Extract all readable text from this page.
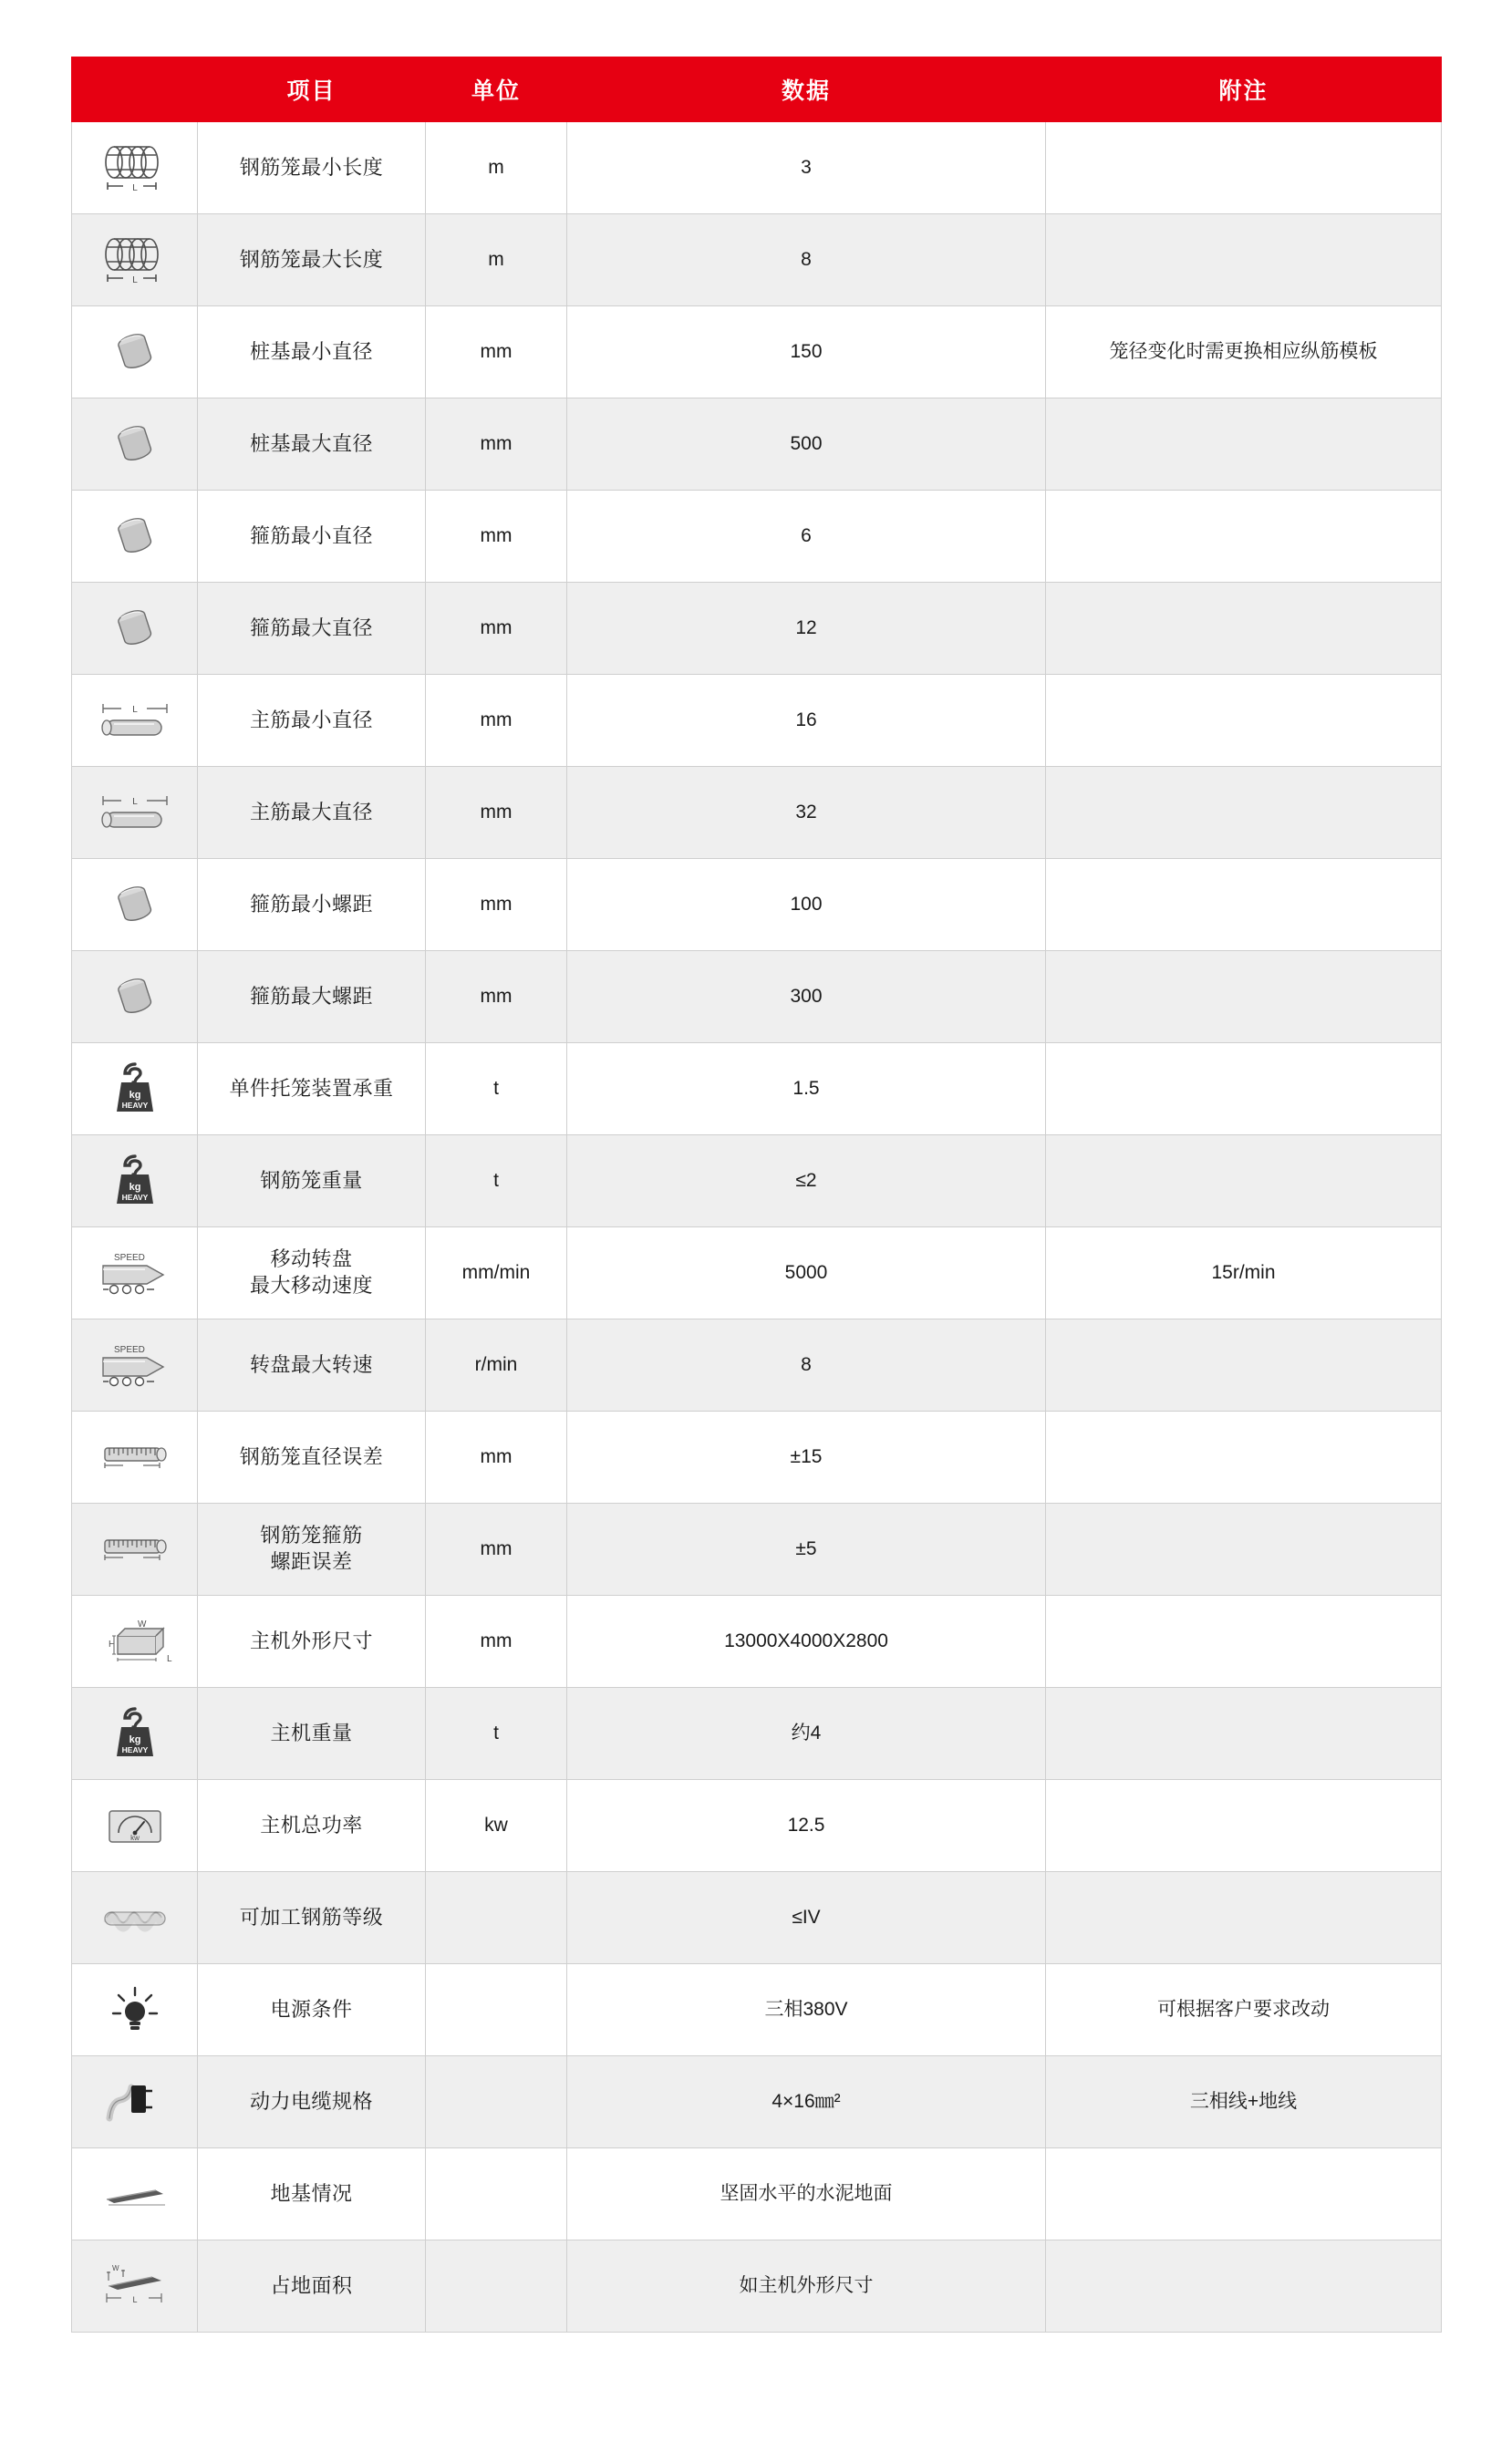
	项目	单位	数据	附注

L	钢筋笼最小长度	m	3	

L	钢筋笼最大长度	m	8	

	桩基最小直径	mm	150	笼径变化时需更换相应纵筋模板

	桩基最大直径	mm	500	

	箍筋最小直径	mm	6	

	箍筋最大直径	mm	12	

L	主筋最小直径	mm	16	

L	主筋最大直径	mm	32	

	箍筋最小螺距	mm	100	

	箍筋最大螺距	mm	300	

kg
HEAVY	单件托笼装置承重	t	1.5	

kg
HEAVY	钢筋笼重量	t	≤2	

SPEED	移动转盘
最大移动速度	mm/min	5000	15r/min

SPEED	转盘最大转速	r/min	8	

	钢筋笼直径误差	mm	±15	

钢筋笼箍筋
螺距误差	mm	±5	

H
W
L	主机外形尺寸	mm	13000X4000X2800	

kg
HEAVY	主机重量	t	约4	

kw	主机总功率	kw	12.5	

	可加工钢筋等级		≤IV	

	电源条件		三相380V	可根据客户要求改动

	动力电缆规格		4×16㎜²	三相线+地线

	地基情况		坚固水平的水泥地面	

W
L	占地面积		如主机外形尺寸	
